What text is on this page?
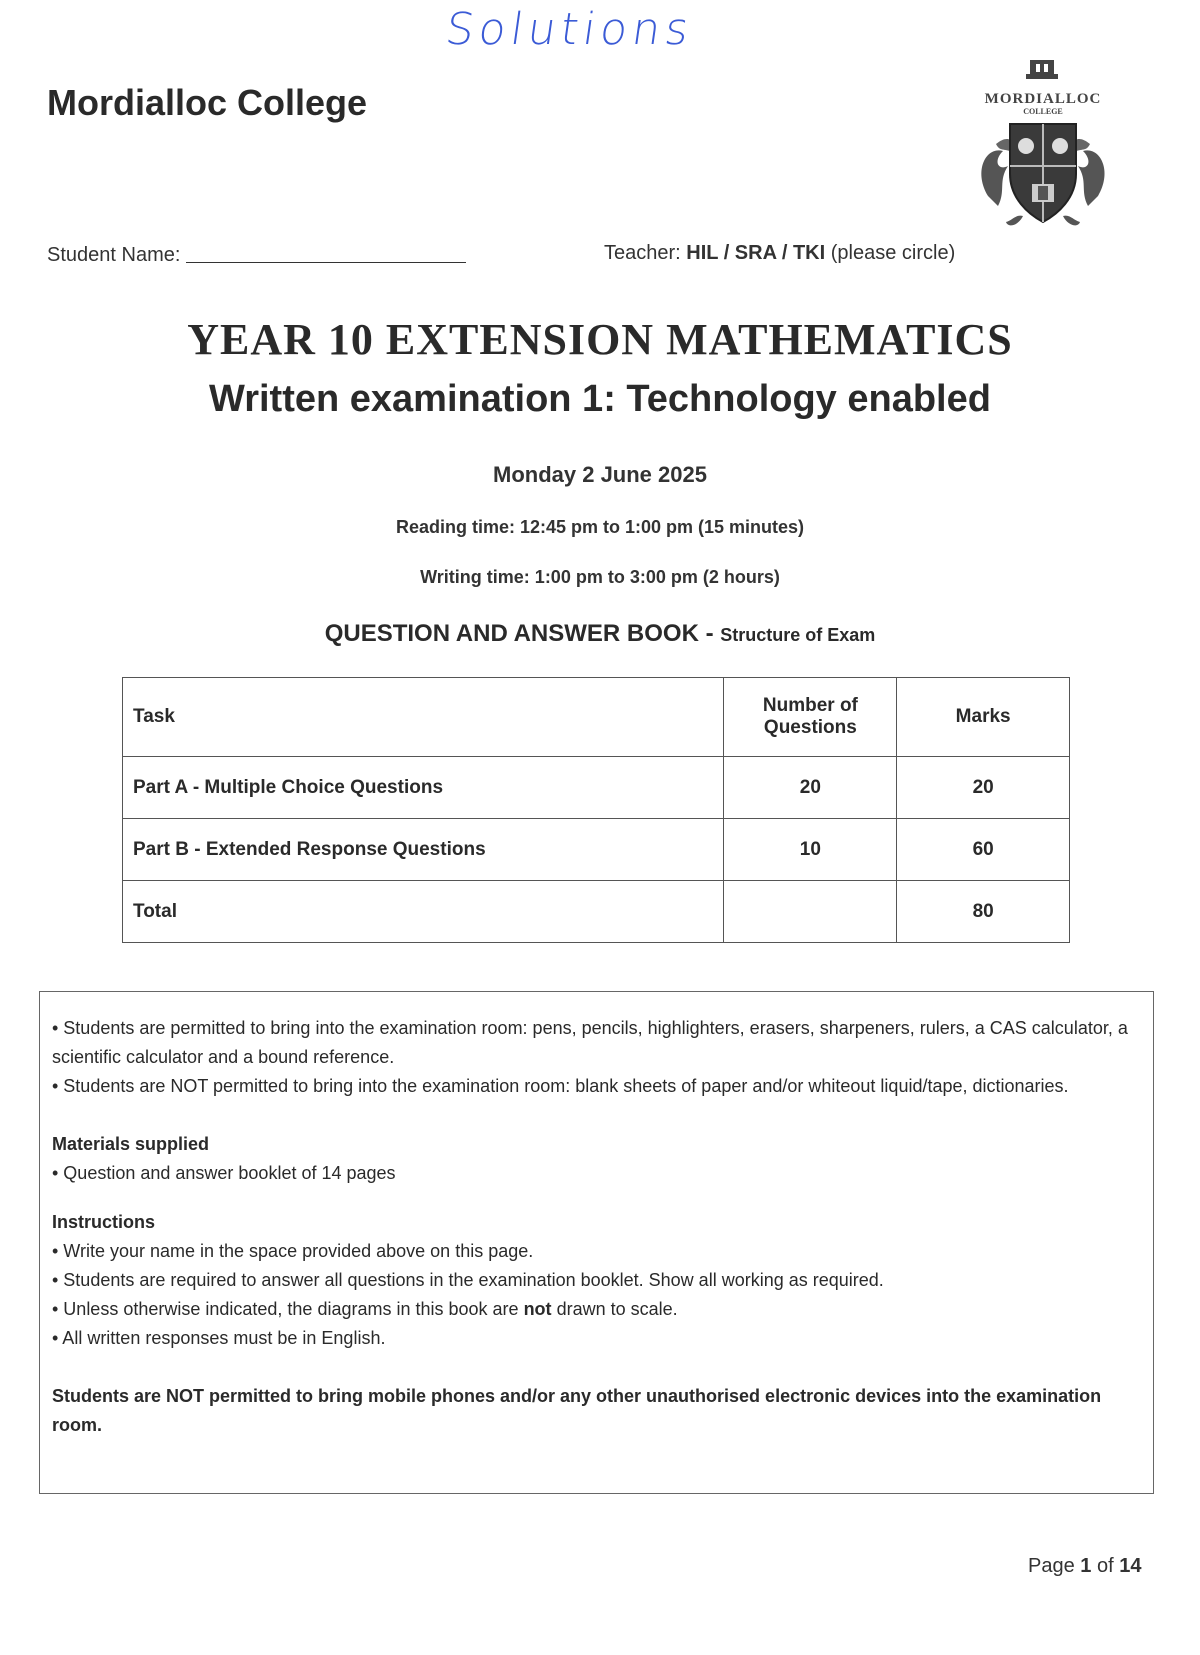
Solutions
Mordialloc College	MORDIALLOC
COLLEGE
Student Name:	Teacher: HIL / SRA / TKI (please circle)
YEAR 10 EXTENSION MATHEMATICS
Written examination 1: Technology enabled
Monday 2 June 2025
Reading time: 12:45 pm to 1:00 pm (15 minutes)
Writing time: 1:00 pm to 3:00 pm (2 hours)
QUESTION AND ANSWER BOOK - Structure of Exam
Task	Number of Questions	Marks
Part A - Multiple Choice Questions	20	20
Part B - Extended Response Questions	10	60
Total		80

• Students are permitted to bring into the examination room: pens, pencils, highlighters, erasers, sharpeners, rulers, a CAS calculator, a scientific calculator and a bound reference.

• Students are NOT permitted to bring into the examination room: blank sheets of paper and/or whiteout liquid/tape, dictionaries.

Materials supplied

• Question and answer booklet of 14 pages

Instructions

• Write your name in the space provided above on this page.

• Students are required to answer all questions in the examination booklet. Show all working as required.

• Unless otherwise indicated, the diagrams in this book are not drawn to scale.

• All written responses must be in English.

Students are NOT permitted to bring mobile phones and/or any other unauthorised electronic devices into the examination room.

Page 1 of 14
